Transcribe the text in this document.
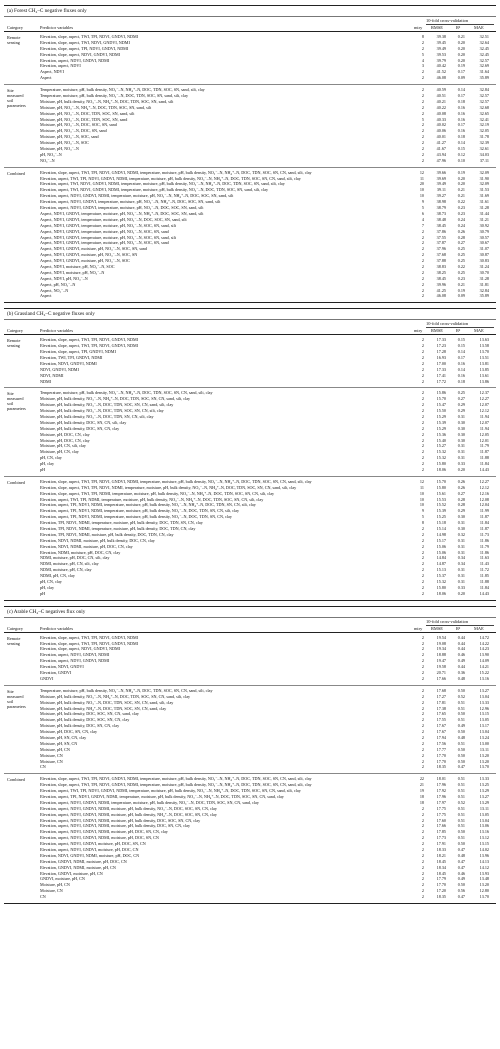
(a) Forest CH₄–C negative fluxes only
10-fold cross-validation
Category	Predictor variables	mtry RMSE	R²	MAE
Remote
sensing
Elevation, slope, aspect, TWI, TPI, NDVI, GNDVI, NDMI	8	39.38	0.21	32.51
Elevation, slope, aspect, TWI, NDVI, GNDVI, NDMI	2	39.45	0.20	32.64
Elevation, slope, aspect, TPI, NDVI, GNDVI, NDMI	2	39.49	0.20	32.45
Elevation, slope, aspect, NDVI, GNDVI, NDMI	5	39.53	0.20	32.45
Elevation, aspect, NDVI, GNDVI, NDMI	4	39.79	0.20	32.57
Elevation, aspect, NDVI	3	40.42	0.19	32.69
Aspect, NDVI	2	41.52	0.17	31.64
Aspect	2	46.08	0.09	35.89
Site
measured
soil
parameters
Temperature, moisture, pH, bulk density, NO₃⁻–N, NH₄⁺–N, DOC, TDN, SOC, SN, sand, silt, clay	2	40.59	0.14	32.84
Temperature, moisture, pH, bulk density, NO₃⁻–N, DOC, TDN, SOC, SN, sand, silt, clay	2	40.51	0.17	32.57
Moisture, pH, bulk density, NO₃⁻–N, NH₄⁺–N, DOC, TDN, SOC, SN, sand, silt	2	40.21	0.18	32.57
Moisture, pH, NO₃⁻–N, NH₄⁺–N, DOC, TDN, SOC, SN, sand, silt	2	40.22	0.16	32.68
Moisture, pH, NO₃⁻–N, DOC, TDN, SOC, SN, sand, silt	2	40.08	0.16	32.65
Moisture, pH, NO₃⁻–N, DOC, TDN, SOC, SN, sand	5	40.33	0.16	32.41
Moisture, pH, NO₃⁻–N, DOC, SOC, SN, sand	2	40.02	0.17	32.19
Moisture, pH, NO₃⁻–N, DOC, SN, sand	2	40.06	0.16	32.05
Moisture, pH, NO₃⁻–N, SOC, sand	2	40.01	0.18	31.78
Moisture, pH, NO₃⁻–N, SOC	2	41.27	0.14	32.39
Moisture, pH, NO₃⁻–N	2	41.67	0.15	32.61
pH, NO₃⁻–N	2	43.94	0.12	34.03
NO₃⁻–N	2	47.96	0.10	37.11
Combined	Elevation, slope, aspect, TWI, TPI, NDVI, GNDVI, NDMI, temperature, moisture, pH, bulk density, NO₃⁻–N, NH₄⁺–N, DOC, TDN, SOC, SN, CN, sand, silt, clay	12	39.66	0.19	32.09
Elevation, aspect, TWI, TPI, NDVI, GNDVI, NDMI, temperature, moisture, pH, bulk density, NO₃⁻–N, NH₄⁺–N, DOC, TDN, SOC, SN, CN, sand, silt, clay	11	39.69	0.20	31.90
Elevation, aspect, TWI, NDVI, GNDVI, NDMI, temperature, moisture, pH, bulk density, NO₃⁻–N, NH₄⁺–N, DOC, TDN, SOC, SN, sand, silt, clay	20	39.49	0.20	32.09
Elevation, aspect, TWI, NDVI, GNDVI, NDMI, temperature, moisture, pH, bulk density, NO₃⁻–N, DOC, TDN, SOC, SN, sand, silt, clay	10	39.11	0.21	31.53
Elevation, aspect, NDVI, GNDVI, NDMI, temperature, moisture, pH, NO₃⁻–N, NH₄⁺–N, DOC, SOC, SN, sand, silt	10	39.27	0.21	31.69
Elevation, aspect, NDVI, GNDVI, temperature, moisture, pH, NO₃⁻–N, NH₄⁺–N, DOC, SOC, SN, sand, silt	9	38.98	0.22	31.61
Elevation, aspect, NDVI, GNDVI, temperature, moisture, pH, NO₃⁻–N, DOC, SOC, SN, sand, silt	5	38.79	0.23	31.28
Aspect, NDVI, GNDVI, temperature, moisture, pH, NO₃⁻–N, NH₄⁺–N, DOC, SOC, SN, sand, silt	6	38.73	0.23	31.44
Aspect, NDVI, GNDVI, temperature, moisture, pH, NO₃⁻–N, DOC, SOC, SN, sand, silt	4	38.48	0.24	31.21
Aspect, NDVI, GNDVI, temperature, moisture, pH, NO₃⁻–N, SOC, SN, sand, silt	7	38.45	0.24	30.92
Aspect, NDVI, GNDVI, temperature, moisture, pH, NO₃⁻–N, SOC, SN, sand	2	37.86	0.26	30.79
Aspect, NDVI, GNDVI, temperature, moisture, pH, NO₃⁻–N, SOC, SN, sand, silt	2	37.55	0.28	30.57
Aspect, NDVI, GNDVI, temperature, moisture, pH, NO₃⁻–N, SOC, SN, sand	2	37.87	0.27	30.67
Aspect, NDVI, GNDVI, moisture, pH, NO₃⁻–N, SOC, SN, sand	2	37.96	0.25	31.07
Aspect, NDVI, GNDVI, moisture, pH, NO₃⁻–N, SOC, SN	2	37.68	0.25	30.87
Aspect, NDVI, GNDVI, moisture, pH, NO₃⁻–N, SOC	2	37.88	0.25	30.83
Aspect, NDVI, moisture, pH, NO₃⁻–N, SOC	2	38.83	0.22	31.24
Aspect, NDVI, moisture, pH, NO₃⁻–N	2	38.25	0.25	30.70
Aspect, NDVI, pH, NO₃⁻–N	2	38.45	0.23	31.28
Aspect, pH, NO₃⁻–N	2	39.96	0.21	31.81
Aspect, NO₃⁻–N	2	41.25	0.19	32.84
Aspect	2	46.08	0.09	35.89
(b) Grassland CH₄–C negative fluxes only
10-fold cross-validation
Category	Predictor variables	mtry RMSE	R²	MAE
Remote
sensing
Elevation, slope, aspect, TWI, TPI, NDVI, GNDVI, NDMI	2	17.33	0.15	13.63
Elevation, slope, aspect, TWI, TPI, NDVI, GNDVI, NDMI	2	17.23	0.15	13.58
Elevation, slope, aspect, TPI, GNDVI, NDMI	2	17.28	0.14	13.70
Elevation, TWI, TPI, GNDVI, NDMI	2	16.93	0.17	13.51
Elevation, NDVI, GNDVI, NDMI	2	17.00	0.16	13.81
NDVI, GNDVI, NDMI	2	17.33	0.14	13.85
NDVI, NDMI	2	17.41	0.16	13.61
NDMI	2	17.72	0.18	13.86
Site
measured
soil
parameters
Temperature, moisture, pH, bulk density, NO₃⁻–N, NH₄⁺–N, DOC, TDN, SOC, SN, CN, sand, silt, clay	2	15.86	0.25	12.37
Moisture, pH, bulk density, NO₃⁻–N, NH₄⁺–N, DOC, TDN, SOC, SN, CN, sand, silt, clay	2	15.70	0.27	12.27
Moisture, pH, bulk density, NO₃⁻–N, DOC, TDN, SOC, SN, CN, sand, silt, clay	2	15.47	0.29	12.07
Moisture, pH, bulk density, NO₃⁻–N, DOC, TDN, SOC, SN, CN, silt, clay	2	15.50	0.29	12.12
Moisture, pH, bulk density, NO₃⁻–N, DOC, TDN, SN, CN, silt, clay	2	15.29	0.31	11.94
Moisture, pH, bulk density, DOC, SN, CN, silt, clay	2	15.39	0.30	12.07
Moisture, pH, bulk density, DOC, SN, CN, clay	2	15.29	0.30	11.94
Moisture, pH, DOC, CN, clay	2	15.36	0.30	12.05
Moisture, pH, DOC, CN, clay	2	15.40	0.30	12.01
Moisture, pH, CN, silt, clay	2	15.27	0.31	11.79
Moisture, pH, CN, clay	2	15.32	0.31	11.87
pH, CN, clay	2	15.32	0.31	11.88
pH, clay	2	15.80	0.33	11.84
pH	2	18.06	0.20	14.43
Combined	Elevation, slope, aspect, TWI, TPI, NDVI, GNDVI, NDMI, temperature, moisture, pH, bulk density, NO₃⁻–N, NH₄⁺–N, DOC, TDN, SOC, SN, CN, sand, silt, clay	12	15.70	0.26	12.27
Elevation, slope, aspect, TWI, TPI, NDVI, NDMI, temperature, moisture, pH, bulk density, NO₃⁻–N, NH₄⁺–N, DOC, TDN, SOC, SN, CN, sand, silt, clay	11	15.80	0.26	12.12
Elevation, slope, aspect, TWI, TPI, NDMI, temperature, moisture, pH, bulk density, NO₃⁻–N, NH₄⁺–N, DOC, TDN, SOC, SN, CN, silt, clay	10	15.61	0.27	12.16
Elevation, aspect, TWI, TPI, NDMI, temperature, moisture, pH, bulk density, NO₃⁻–N, NH₄⁺–N, DOC, TDN, SOC, SN, CN, silt, clay	10	15.53	0.28	12.08
Elevation, aspect, TPI, NDVI, NDMI, temperature, moisture, pH, bulk density, NO₃⁻–N, NH₄⁺–N, DOC, TDN, SN, CN, silt, clay	10	15.52	0.28	12.04
Elevation, aspect, TPI, NDVI, NDMI, temperature, moisture, pH, bulk density, NO₃⁻–N, DOC, TDN, SN, CN, silt, clay	9	15.39	0.29	11.99
Elevation, aspect, TPI, NDVI, NDMI, temperature, moisture, pH, bulk density, NO₃⁻–N, DOC, TDN, SN, CN, clay	5	15.25	0.30	11.87
Elevation, TPI, NDVI, NDMI, temperature, moisture, pH, bulk density, DOC, TDN, SN, CN, clay	8	15.18	0.31	11.84
Elevation, TPI, NDVI, NDMI, temperature, moisture, pH, bulk density, DOC, TDN, CN, clay	2	15.14	0.30	11.87
Elevation, TPI, NDVI, NDMI, moisture, pH, bulk density, DOC, TDN, CN, clay	2	14.98	0.32	11.73
Elevation, NDVI, NDMI, moisture, pH, bulk density, DOC, CN, clay	2	15.17	0.31	11.86
Elevation, NDVI, NDMI, moisture, pH, DOC, CN, clay	2	15.06	0.31	11.79
Elevation, NDMI, moisture, pH, DOC, CN, clay	2	15.06	0.31	11.86
NDMI, moisture, pH, DOC, CN, silt, clay	2	14.84	0.34	11.63
NDMI, moisture, pH, CN, silt, clay	2	14.87	0.34	11.43
NDMI, moisture, pH, CN, clay	2	15.13	0.31	11.72
NDMI, pH, CN, clay	2	15.37	0.31	11.85
pH, CN, clay	2	15.32	0.31	11.88
pH, clay	2	15.80	0.33	11.84
pH	2	18.06	0.20	14.43
(c) Arable CH₄–C negatives flux only
10-fold cross-validation
Category	Predictor variables	mtry RMSE	R²	MAE
Remote
sensing
Elevation, slope, aspect, TWI, TPI, NDVI, GNDVI, NDMI	2	19.54	0.44	14.72
Elevation, slope, aspect, TWI, TPI, NDVI, GNDVI, NDMI	2	19.08	0.44	14.22
Elevation, slope, aspect, NDVI, GNDVI, NDMI	2	19.34	0.44	14.23
Elevation, aspect, NDVI, GNDVI, NDMI	2	18.88	0.46	13.90
Elevation, aspect, NDVI, GNDVI, NDMI	2	19.47	0.49	14.09
Elevation, NDVI, GNDVI	2	19.58	0.44	14.21
Elevation, GNDVI	2	20.71	0.36	15.22
GNDVI	2	17.66	0.48	13.16
Site
measured
soil
parameters
Temperature, moisture, pH, bulk density, NO₃⁻–N, NH₄⁺–N, DOC, TDN, SOC, SN, CN, sand, silt, clay	2	17.68	0.50	13.27
Moisture, pH, bulk density, NO₃⁻–N, NH₄⁺–N, DOC, TDN, SOC, SN, CN, sand, silt, clay	2	17.27	0.52	13.04
Moisture, pH, bulk density, NO₃⁻–N, DOC, TDN, SOC, SN, CN, sand, silt, clay	2	17.81	0.51	13.33
Moisture, pH, bulk density, NH₄⁺–N, DOC, TDN, SOC, SN, CN, sand, clay	2	17.38	0.51	12.96
Moisture, pH, bulk density, DOC, SOC, SN, CN, sand, clay	2	17.65	0.50	13.15
Moisture, pH, bulk density, DOC, SOC, SN, CN, clay	2	17.55	0.51	13.05
Moisture, pH, bulk density, DOC, SN, CN, clay	2	17.67	0.49	13.17
Moisture, pH, DOC, SN, CN, clay	2	17.67	0.50	13.04
Moisture, pH, SN, CN, clay	2	17.94	0.48	13.24
Moisture, pH, SN, CN	2	17.56	0.51	13.00
Moisture, pH, CN	2	17.77	0.50	13.11
Moisture, CN	2	17.70	0.50	13.20
Moisture, CN	2	17.70	0.50	13.20
CN	2	18.35	0.47	13.70
Combined	Elevation, slope, aspect, TWI, TPI, NDVI, GNDVI, NDMI, temperature, moisture, pH, bulk density, NO₃⁻–N, NH₄⁺–N, DOC, TDN, SOC, SN, CN, sand, silt, clay	22	18.01	0.51	13.33
Elevation, slope, aspect, TWI, TPI, NDVI, GNDVI, NDMI, temperature, moisture, pH, bulk density, NO₃⁻–N, NH₄⁺–N, DOC, TDN, SOC, SN, CN, sand, silt, clay	21	17.96	0.51	13.25
Elevation, aspect, TWI, TPI, NDVI, GNDVI, NDMI, temperature, moisture, pH, bulk density, NO₃⁻–N, NH₄⁺–N, DOC, TDN, SOC, SN, CN, sand, silt, clay	19	17.92	0.51	13.29
Elevation, aspect, TPI, NDVI, GNDVI, NDMI, temperature, moisture, pH, bulk density, NO₃⁻–N, NH₄⁺–N, DOC, TDN, SOC, SN, CN, sand, clay	18	17.96	0.51	13.27
Elevation, aspect, NDVI, GNDVI, NDMI, temperature, moisture, pH, bulk density, NO₃⁻–N, DOC, TDN, SOC, SN, CN, sand, clay	18	17.97	0.52	13.29
Elevation, aspect, NDVI, GNDVI, NDMI, moisture, pH, bulk density, NO₃⁻–N, DOC, SOC, SN, CN, clay	2	17.75	0.51	13.11
Elevation, aspect, NDVI, GNDVI, NDMI, moisture, pH, bulk density, NH₄⁺–N, DOC, SOC, SN, CN, clay	2	17.75	0.51	13.05
Elevation, aspect, NDVI, GNDVI, NDMI, moisture, pH, bulk density, DOC, SOC, SN, CN, clay	2	17.60	0.51	13.04
Elevation, aspect, NDVI, GNDVI, NDMI, moisture, pH, bulk density, DOC, SN, CN, clay	2	17.66	0.51	13.06
Elevation, aspect, NDVI, GNDVI, NDMI, moisture, pH, DOC, SN, CN, clay	2	17.85	0.50	13.16
Elevation, aspect, NDVI, GNDVI, NDMI, moisture, pH, DOC, SN, CN	2	17.73	0.51	13.12
Elevation, aspect, NDVI, GNDVI, moisture, pH, DOC, SN, CN	2	17.91	0.50	13.15
Elevation, aspect, NDVI, GNDVI, moisture, pH, DOC, CN	2	18.33	0.47	14.02
Elevation, NDVI, GNDVI, NDMI, moisture, pH, DOC, CN	2	18.21	0.48	13.96
Elevation, GNDVI, NDMI, moisture, pH, DOC, CN	2	18.45	0.47	14.13
Elevation, GNDVI, NDMI, moisture, pH, CN	2	18.34	0.47	14.12
Elevation, GNDVI, moisture, pH, CN	2	18.45	0.46	13.93
GNDVI, moisture, pH, CN	2	17.79	0.49	13.48
Moisture, pH, CN	2	17.70	0.50	13.20
Moisture, CN	2	17.20	0.56	12.80
CN	2	18.35	0.47	13.70
